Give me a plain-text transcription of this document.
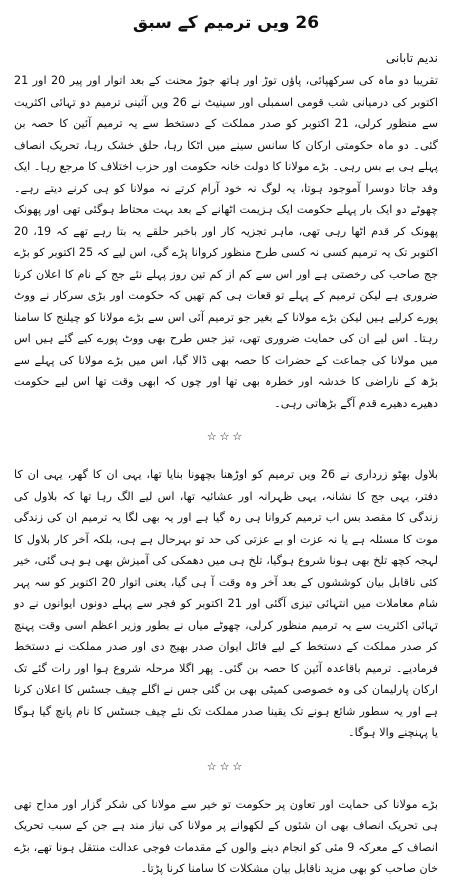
26 ویں ترمیم کے سبق
ندیم تابانی

تقریبا دو ماہ کی سرکھپائی، پاؤں توڑ اور ہاتھ جوڑ محنت کے بعد اتوار اور پیر 20 اور 21 اکتوبر کی درمیانی شب قومی اسمبلی اور سینیٹ نے 26 ویں آئینی ترمیم دو تہائی اکثریت سے منظور کرلی، 21 اکتوبر کو صدر مملکت کے دستخط سے یہ ترمیم آئین کا حصہ بن گئی۔ دو ماہ حکومتی ارکان کا سانس سینے میں اٹکا رہا، حلق خشک رہا، تحریک انصاف پہلے ہی بے بس رہی۔ بڑے مولانا کا دولت خانہ حکومت اور حزب اختلاف کا مرجع رہا۔ ایک وفد جاتا دوسرا آموجود ہوتا، یہ لوگ نہ خود آرام کرتے نہ مولانا کو ہی کرنے دیتے رہے۔ چھوٹے دو ایک بار پہلے حکومت ایک ہزیمت اٹھانے کے بعد بہت محتاط ہوگئی تھی اور پھونک پھونک کر قدم اٹھا رہی تھی، ماہر تجزیہ کار اور باخبر حلقے یہ بتا رہے تھے کہ 19، 20 اکتوبر تک یہ ترمیم کسی نہ کسی طرح منظور کروانا پڑے گی، اس لیے کہ 25 اکتوبر کو بڑے جج صاحب کی رخصتی ہے اور اس سے کم از کم تین روز پہلے نئے جج کے نام کا اعلان کرنا ضروری ہے لیکن ترمیم کے پہلے تو قعات ہی کم تھیں کہ حکومت اور بڑی سرکار نے ووٹ پورے کرلیے ہیں لیکن بڑے مولانا کے بغیر جو ترمیم آئی اس سے بڑے مولانا کو چیلنج کا سامنا رہتا۔ اس لیے ان کی حمایت ضروری تھی، تیز جس طرح بھی ووٹ پورے کیے گئے ہیں اس میں مولانا کی جماعت کے حضرات کا حصہ بھی ڈالا گیا، اس میں بڑے مولانا کی پہلے سے بڑھ کے ناراضی کا خدشہ اور خطرہ بھی تھا اور چوں کہ ابھی وقت تھا اس لیے حکومت دھیرے دھیرے قدم آگے بڑھاتی رہی۔

☆☆☆

بلاول بھٹو زرداری نے 26 ویں ترمیم کو اوڑھنا بچھونا بنایا تھا، یہی ان کا گھر، یہی ان کا دفتر، یہی جج کا نشانہ، یہی ظہرانہ اور عشائیہ تھا، اس لیے الگ رہا تھا کہ بلاول کی زندگی کا مقصد بس اب ترمیم کروانا ہی رہ گیا ہے اور یہ بھی لگا یہ ترمیم ان کی زندگی موت کا مسئلہ ہے یا نہ عزت او بے عزتی کی حد تو بہرحال ہے ہی، بلکہ آخر کار بلاول کا لہجہ کچھ تلخ بھی ہونا شروع ہوگیا، تلخ ہی میں دھمکی کی آمیزش بھی ہو ہی گئی، خیر کئی ناقابل بیان کوششوں کے بعد آخر وہ وقت آ ہی گیا، یعنی اتوار 20 اکتوبر کو سہ پہر شام معاملات میں انتہائی تیزی آگئی اور 21 اکتوبر کو فجر سے پہلے دونوں ایوانوں نے دو تہائی اکثریت سے یہ ترمیم منظور کرلی، چھوٹے میاں نے بطور وزیر اعظم اسی وقت پہنچ کر صدر مملکت کے دستخط کے لیے فائل ایوان صدر بھیج دی اور صدر مملکت نے دستخط فرمادیے۔ ترمیم باقاعدہ آئین کا حصہ بن گئی۔ پھر اگلا مرحلہ شروع ہوا اور رات گئے تک ارکان پارلیمان کی وہ خصوصی کمیٹی بھی بن گئی جس نے اگلے چیف جسٹس کا اعلان کرنا ہے اور یہ سطور شائع ہونے تک یقینا صدر مملکت تک نئے چیف جسٹس کا نام پانچ گیا ہوگا یا پہنچنے والا ہوگا۔

☆☆☆

بڑے مولانا کی حمایت اور تعاون پر حکومت تو خیر سے مولانا کی شکر گزار اور مداح تھی ہی تحریک انصاف بھی ان شئوں کے لکھوانے پر مولانا کی نیاز مند ہے جن کے سبب تحریک انصاف کے معرکہ 9 مئی کو انجام دینے والوں کے مقدمات فوجی عدالت منتقل ہونا تھے، بڑے خان صاحب کو بھی مزید ناقابل بیان مشکلات کا سامنا کرنا پڑتا۔
